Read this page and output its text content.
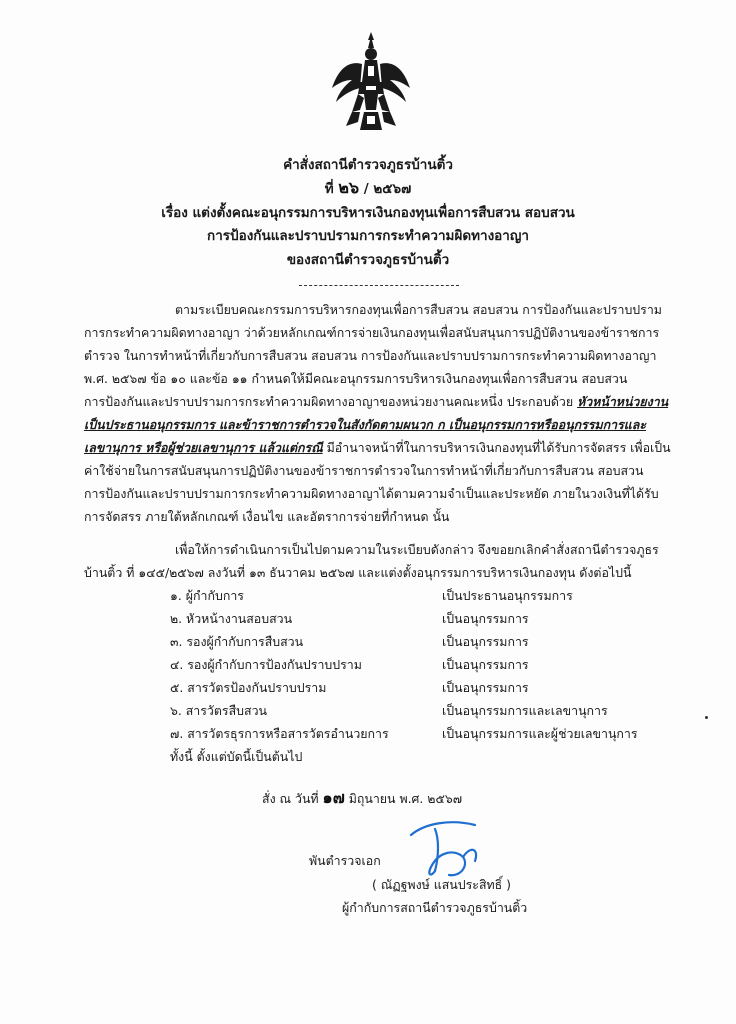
คำสั่งสถานีตำรวจภูธรบ้านติ้ว
ที่ ๒๖ / ๒๕๖๗
เรื่อง แต่งตั้งคณะอนุกรรมการบริหารเงินกองทุนเพื่อการสืบสวน สอบสวน
การป้องกันและปราบปรามการกระทำความผิดทางอาญา
ของสถานีตำรวจภูธรบ้านติ้ว
ตามระเบียบคณะกรรมการบริหารกองทุนเพื่อการสืบสวน สอบสวน การป้องกันและปราบปราม
การกระทำความผิดทางอาญา ว่าด้วยหลักเกณฑ์การจ่ายเงินกองทุนเพื่อสนับสนุนการปฏิบัติงานของข้าราชการ
ตำรวจ ในการทำหน้าที่เกี่ยวกับการสืบสวน สอบสวน การป้องกันและปราบปรามการกระทำความผิดทางอาญา
พ.ศ. ๒๕๖๗ ข้อ ๑๐ และข้อ ๑๑ กำหนดให้มีคณะอนุกรรมการบริหารเงินกองทุนเพื่อการสืบสวน สอบสวน
การป้องกันและปราบปรามการกระทำความผิดทางอาญาของหน่วยงานคณะหนึ่ง ประกอบด้วย หัวหน้าหน่วยงาน
เป็นประธานอนุกรรมการ และข้าราชการตำรวจในสังกัดตามผนวก ก เป็นอนุกรรมการหรืออนุกรรมการและ
เลขานุการ หรือผู้ช่วยเลขานุการ แล้วแต่กรณี มีอำนาจหน้าที่ในการบริหารเงินกองทุนที่ได้รับการจัดสรร เพื่อเป็น
ค่าใช้จ่ายในการสนับสนุนการปฏิบัติงานของข้าราชการตำรวจในการทำหน้าที่เกี่ยวกับการสืบสวน สอบสวน
การป้องกันและปราบปรามการกระทำความผิดทางอาญาได้ตามความจำเป็นและประหยัด ภายในวงเงินที่ได้รับ
การจัดสรร ภายใต้หลักเกณฑ์ เงื่อนไข และอัตราการจ่ายที่กำหนด นั้น
เพื่อให้การดำเนินการเป็นไปตามความในระเบียบดังกล่าว จึงขอยกเลิกคำสั่งสถานีตำรวจภูธร
บ้านติ้ว ที่ ๑๔๕/๒๕๖๗ ลงวันที่ ๑๓ ธันวาคม ๒๕๖๗ และแต่งตั้งอนุกรรมการบริหารเงินกองทุน ดังต่อไปนี้
๑. ผู้กำกับการ	เป็นประธานอนุกรรมการ
๒. หัวหน้างานสอบสวน	เป็นอนุกรรมการ
๓. รองผู้กำกับการสืบสวน	เป็นอนุกรรมการ
๔. รองผู้กำกับการป้องกันปราบปราม	เป็นอนุกรรมการ
๕. สารวัตรป้องกันปราบปราม	เป็นอนุกรรมการ
๖. สารวัตรสืบสวน	เป็นอนุกรรมการและเลขานุการ
๗. สารวัตรธุรการหรือสารวัตรอำนวยการ	เป็นอนุกรรมการและผู้ช่วยเลขานุการ
ทั้งนี้ ตั้งแต่บัดนี้เป็นต้นไป
สั่ง ณ วันที่ ๑๗ มิถุนายน พ.ศ. ๒๕๖๗
พันตำรวจเอก
( ณัฏฐพงษ์ แสนประสิทธิ์ )
ผู้กำกับการสถานีตำรวจภูธรบ้านติ้ว
